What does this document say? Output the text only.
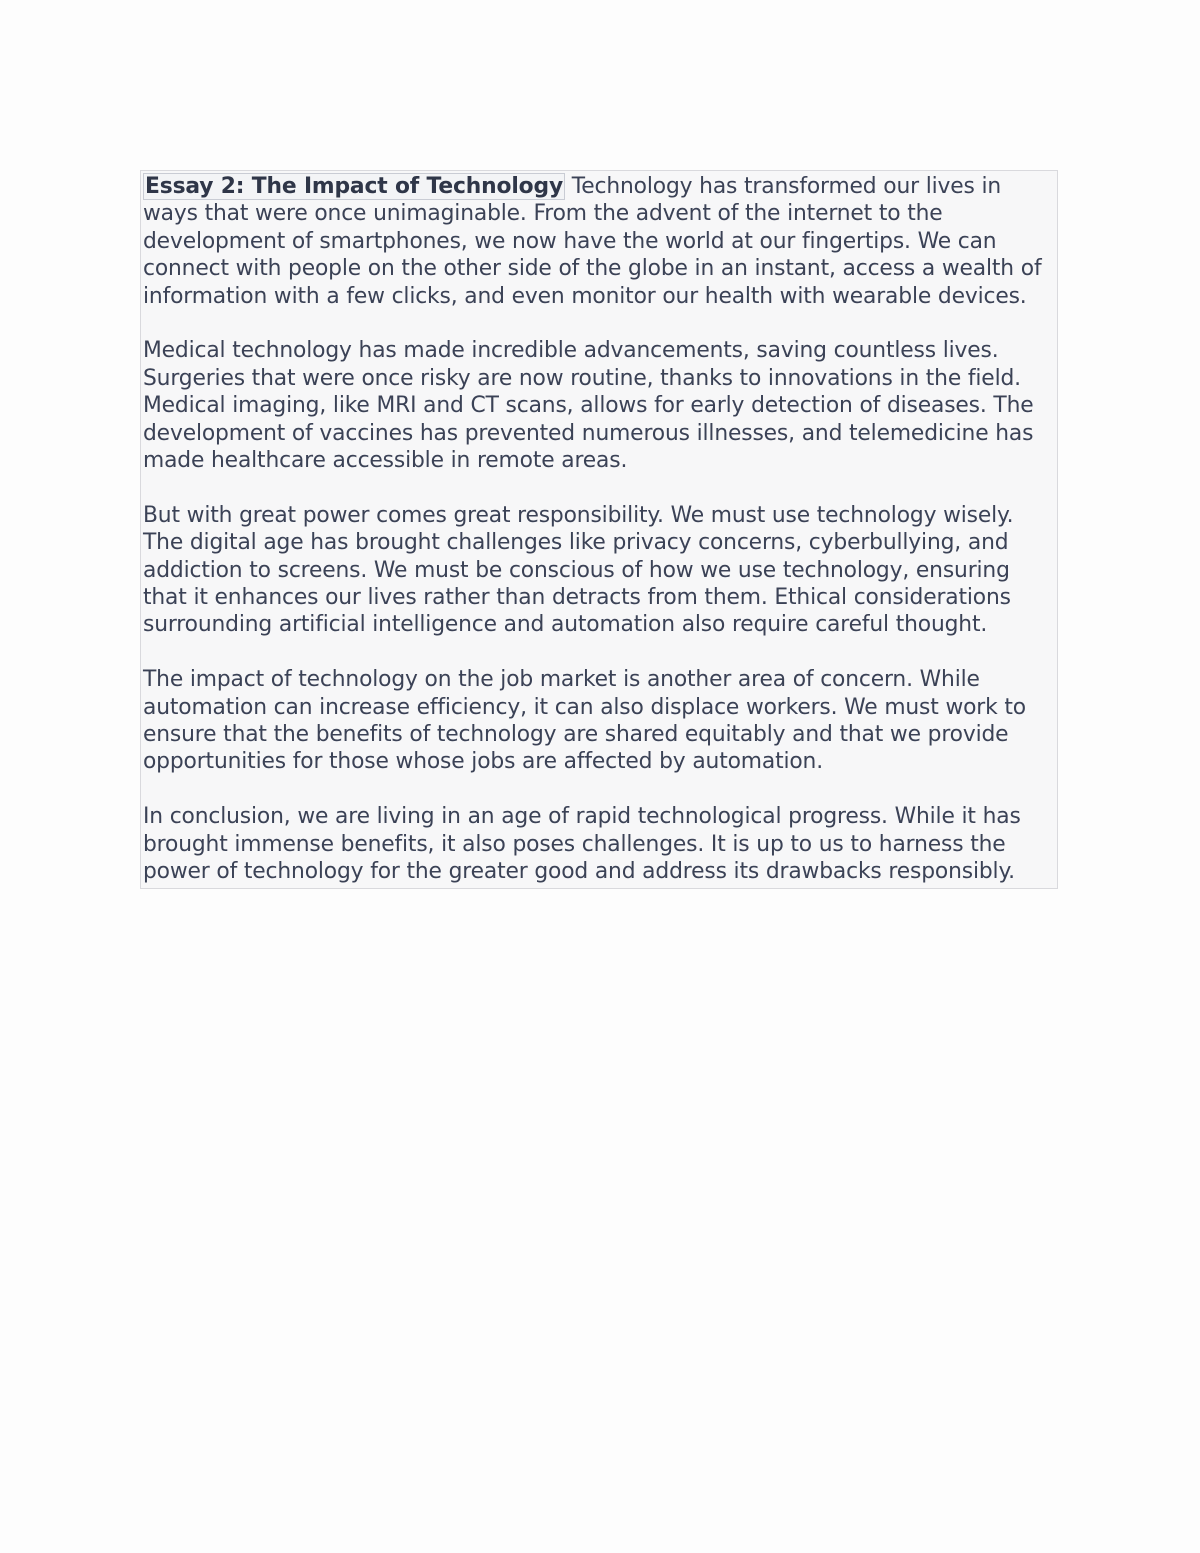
Essay 2: The Impact of Technology Technology has transformed our lives in ways that were once unimaginable. From the advent of the internet to the development of smartphones, we now have the world at our fingertips. We can connect with people on the other side of the globe in an instant, access a wealth of information with a few clicks, and even monitor our health with wearable devices.

Medical technology has made incredible advancements, saving countless lives. Surgeries that were once risky are now routine, thanks to innovations in the field. Medical imaging, like MRI and CT scans, allows for early detection of diseases. The development of vaccines has prevented numerous illnesses, and telemedicine has made healthcare accessible in remote areas.

But with great power comes great responsibility. We must use technology wisely. The digital age has brought challenges like privacy concerns, cyberbullying, and addiction to screens. We must be conscious of how we use technology, ensuring that it enhances our lives rather than detracts from them. Ethical considerations surrounding artificial intelligence and automation also require careful thought.

The impact of technology on the job market is another area of concern. While automation can increase efficiency, it can also displace workers. We must work to ensure that the benefits of technology are shared equitably and that we provide opportunities for those whose jobs are affected by automation.

In conclusion, we are living in an age of rapid technological progress. While it has brought immense benefits, it also poses challenges. It is up to us to harness the power of technology for the greater good and address its drawbacks responsibly.
